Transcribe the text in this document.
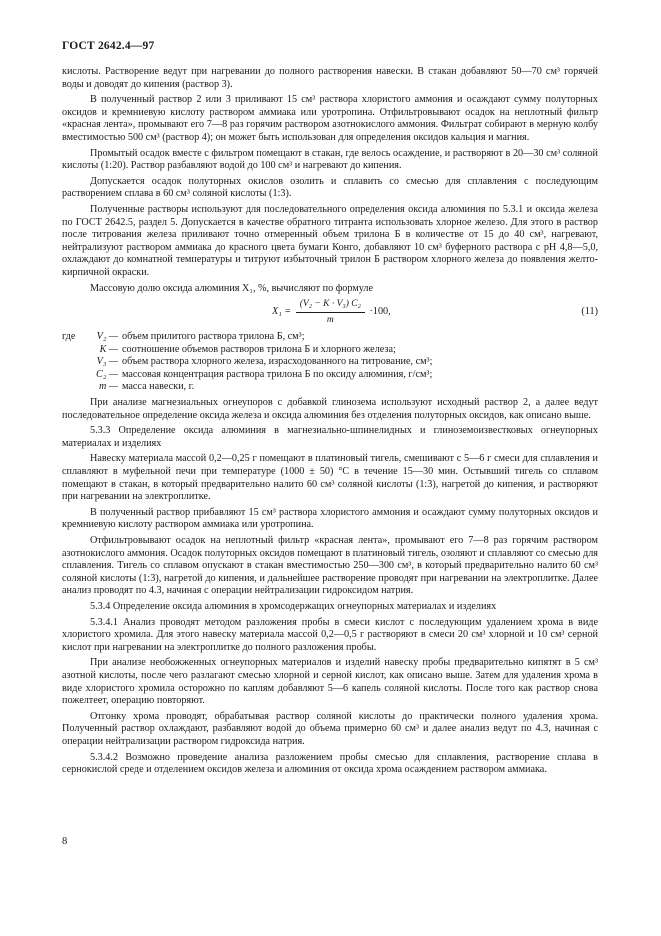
ГОСТ 2642.4—97

кислоты. Растворение ведут при нагревании до полного растворения навески. В стакан добавляют 50—70 см³ горячей воды и доводят до кипения (раствор 3).

В полученный раствор 2 или 3 приливают 15 см³ раствора хлористого аммония и осаждают сумму полуторных оксидов и кремниевую кислоту раствором аммиака или уротропина. Отфильтровывают осадок на неплотный фильтр «красная лента», промывают его 7—8 раз горячим раствором азотнокислого аммония. Фильтрат собирают в мерную колбу вместимостью 500 см³ (раствор 4); он может быть использован для определения оксидов кальция и магния.

Промытый осадок вместе с фильтром помещают в стакан, где велось осаждение, и растворяют в 20—30 см³ соляной кислоты (1:20). Раствор разбавляют водой до 100 см³ и нагревают до кипения.

Допускается осадок полуторных окислов озолить и сплавить со смесью для сплавления с последующим растворением сплава в 60 см³ соляной кислоты (1:3).

Полученные растворы используют для последовательного определения оксида алюминия по 5.3.1 и оксида железа по ГОСТ 2642.5, раздел 5. Допускается в качестве обратного титранта использовать хлорное железо. Для этого в раствор после титрования железа приливают точно отмеренный объем трилона Б в количестве от 15 до 40 см³, нагревают, нейтрализуют раствором аммиака до красного цвета бумаги Конго, добавляют 10 см³ буферного раствора с pH 4,8—5,0, охлаждают до комнатной температуры и титруют избыточный трилон Б раствором хлорного железа до появления желто-кирпичной окраски.

Массовую долю оксида алюминия X₁, %, вычисляют по формуле

$X_1 = \frac{\text{(V₂ − K · V₃) C₂}}{m} \cdot 100$,	(11)
где	V₂ — объем прилитого раствора трилона Б, см³;
K — соотношение объемов растворов трилона Б и хлорного железа;
V₃ — объем раствора хлорного железа, израсходованного на титрование, см³;
C₂ — массовая концентрация раствора трилона Б по оксиду алюминия, г/см³;
m — масса навески, г.

При анализе магнезиальных огнеупоров с добавкой глинозема используют исходный раствор 2, а далее ведут последовательное определение оксида железа и оксида алюминия без отделения полуторных оксидов, как описано выше.

5.3.3 Определение оксида алюминия в магнезиально-шпинелидных и глиноземоизвестковых огнеупорных материалах и изделиях

Навеску материала массой 0,2—0,25 г помещают в платиновый тигель, смешивают с 5—6 г смеси для сплавления и сплавляют в муфельной печи при температуре (1000 ± 50) °С в течение 15—30 мин. Остывший тигель со сплавом помещают в стакан, в который предварительно налито 60 см³ соляной кислоты (1:3), нагретой до кипения, и растворяют при нагревании на электроплитке.

В полученный раствор прибавляют 15 см³ раствора хлористого аммония и осаждают сумму полуторных оксидов и кремниевую кислоту раствором аммиака или уротропина.

Отфильтровывают осадок на неплотный фильтр «красная лента», промывают его 7—8 раз горячим раствором азотнокислого аммония. Осадок полуторных оксидов помещают в платиновый тигель, озоляют и сплавляют со смесью для сплавления. Тигель со сплавом опускают в стакан вместимостью 250—300 см³, в который предварительно налито 60 см³ соляной кислоты (1:3), нагретой до кипения, и дальнейшее растворение проводят при нагревании на электроплитке. Далее анализ проводят по 4.3, начиная с операции нейтрализации гидроксидом натрия.

5.3.4 Определение оксида алюминия в хромсодержащих огнеупорных материалах и изделиях

5.3.4.1 Анализ проводят методом разложения пробы в смеси кислот с последующим удалением хрома в виде хлористого хромила. Для этого навеску материала массой 0,2—0,5 г растворяют в смеси 20 см³ хлорной и 10 см³ серной кислот при нагревании на электроплитке до полного разложения пробы.

При анализе необожженных огнеупорных материалов и изделий навеску пробы предварительно кипятят в 5 см³ азотной кислоты, после чего разлагают смесью хлорной и серной кислот, как описано выше. Затем для удаления хрома в виде хлористого хромила осторожно по каплям добавляют 5—6 капель соляной кислоты. После того как раствор снова пожелтеет, операцию повторяют.

Отгонку хрома проводят, обрабатывая раствор соляной кислоты до практически полного удаления хрома. Полученный раствор охлаждают, разбавляют водой до объема примерно 60 см³ и далее анализ ведут по 4.3, начиная с операции нейтрализации раствором гидроксида натрия.

5.3.4.2 Возможно проведение анализа разложением пробы смесью для сплавления, растворение сплава в сернокислой среде и отделением оксидов железа и алюминия от оксида хрома осаждением раствором аммиака.

8
